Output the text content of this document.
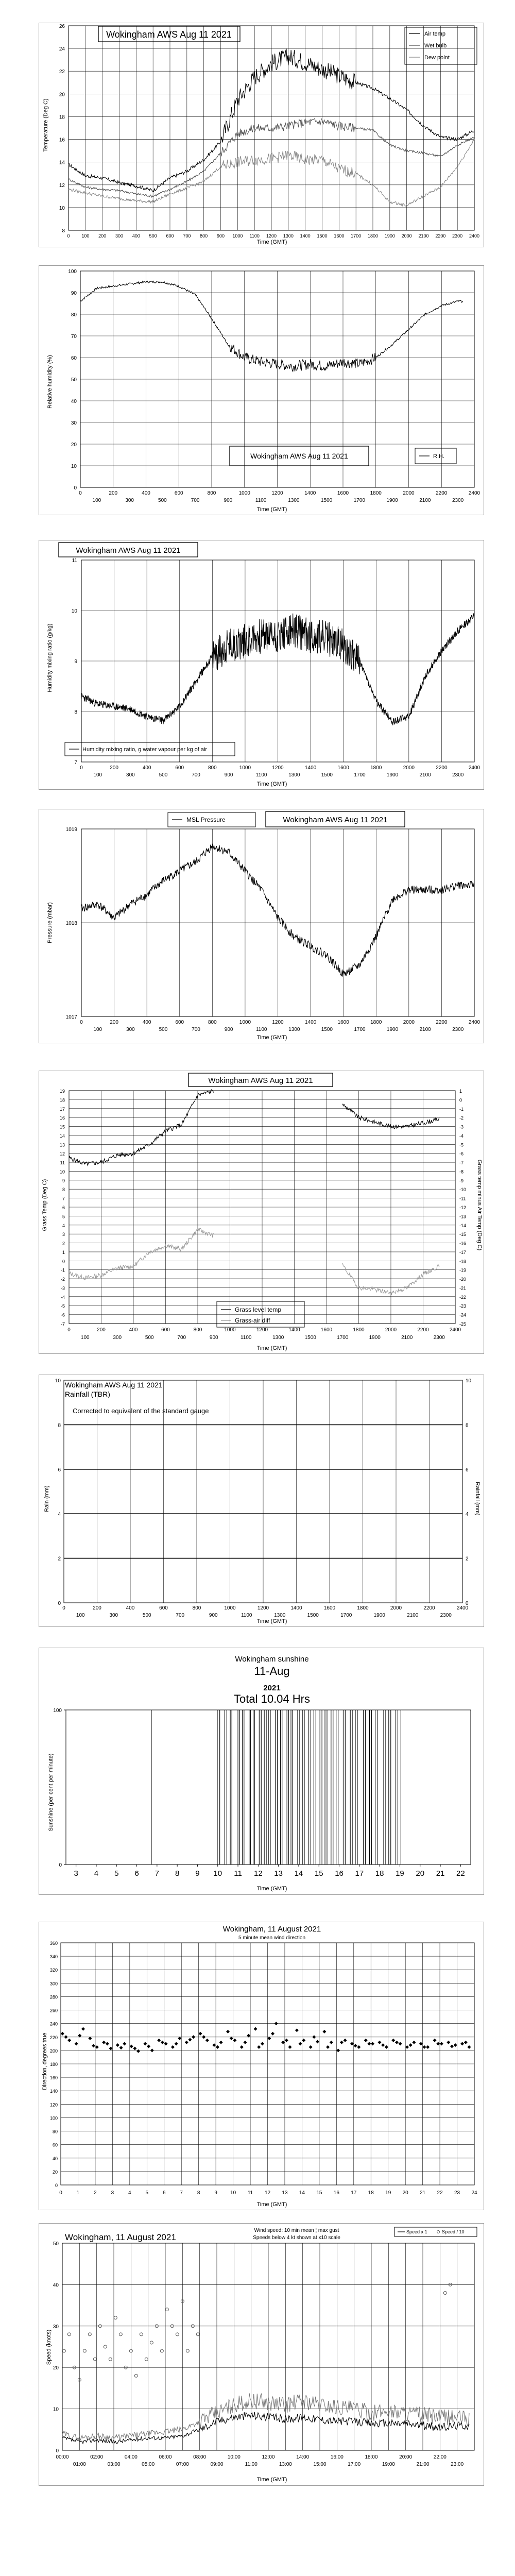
Wokingham AWS Aug 11 2021
Temperature (Deg C)
Time (GMT)
Air temp
Wet bulb
Dew point
8
10
12
14
16
18
20
22
24
26
0	100 200 300 400 500 600 700 800 900 1000 1100 1200 1300 1400 1500 1600 1700 1800 1900 2000 2100 2200 2300 2400
Relative humidity (%)
Time (GMT)
Wokingham AWS Aug 11 2021	R.H.
0
10
20
30
40
50
60
70
80
90
100
0	200	400	600	800	1000	1200	1400	1600	1800	2000	2200	2400
100	300	500	700	900	1100	1300	1500	1700	1900	2100	2300
Wokingham AWS Aug 11 2021
Humidity mixing ratio (g/kg)
Time (GMT)
Humidity mixing ratio, g water vapour per kg of air
7
8
9
10
11
0	200	400	600	800	1000	1200	1400	1600	1800	2000	2200	2400
100	300	500	700	900	1100	1300	1500	1700	1900	2100	2300
MSL Pressure	Wokingham AWS Aug 11 2021
Pressure (mbar)
Time (GMT)
1017
1018
1019
0	200	400	600	800	1000	1200	1400	1600	1800	2000	2200	2400
100	300	500	700	900	1100	1300	1500	1700	1900	2100	2300
Wokingham AWS Aug 11 2021
Grass Temp (Deg C)	Grass temp minus Air Temp (Deg C)
Time (GMT)
Grass level temp
Grass-air diff
19
18
17
16
15
14
13
12
11
10
9
8
7
6
5
4
3
2
1
0
-1
-2
-3
-4
-5
-6
-7
1
0
-1
-2
-3
-4
-5
-6
-7
-8
-9
-10
-11
-12
-13
-14
-15
-16
-17
-18
-19
-20
-21
-22
-23
-24
-25
0	200	400	600	800	1000	1200	1400	1600	1800	2000	2200	2400
100	300	500	700	900	1100	1300	1500	1700	1900	2100	2300
Wokingham AWS Aug 11 2021
Rainfall (TBR)
Corrected to equivalent of the standard gauge
Rain (mm)	Rainfall (mm)
Time (GMT)
0	0
2	2
4	4
6	6
8	8
10	10
0	200	400	600	800	1000	1200	1400	1600	1800	2000	2200	2400
100	300	500	700	900	1100	1300	1500	1700	1900	2100	2300
Wokingham sunshine
11-Aug
2021
Total 10.04 Hrs
Sunshine (per cent per minute)
Time (GMT)
0
100
3 4 5 6 7 8 9 10 11 12 13 14 15 16 17 18 19 20 21 22
Wokingham, 11 August 2021
5 minute mean wind direction
Direction, degrees true
Time (GMT)
0
20
40
60
80
100
120
140
160
180
200
220
240
260
280
300
320
340
360
0	1	2	3	4	5	6	7	8	9	10 11 12 13 14 15 16 17 18 19 20 21 22 23 24
Wokingham, 11 August 2021
Wind speed: 10 min mean ¦ max gust
Speeds below 4 kt shown at x10 scale
Speed x 1	Speed / 10
Speed (knots)
Time (GMT)
0
10
20
30
40
50
00:00	02:00	04:00	06:00	08:00	10:00	12:00	14:00	16:00	18:00	20:00	22:00
01:00	03:00	05:00	07:00	09:00	11:00	13:00	15:00	17:00	19:00	21:00	23:00
